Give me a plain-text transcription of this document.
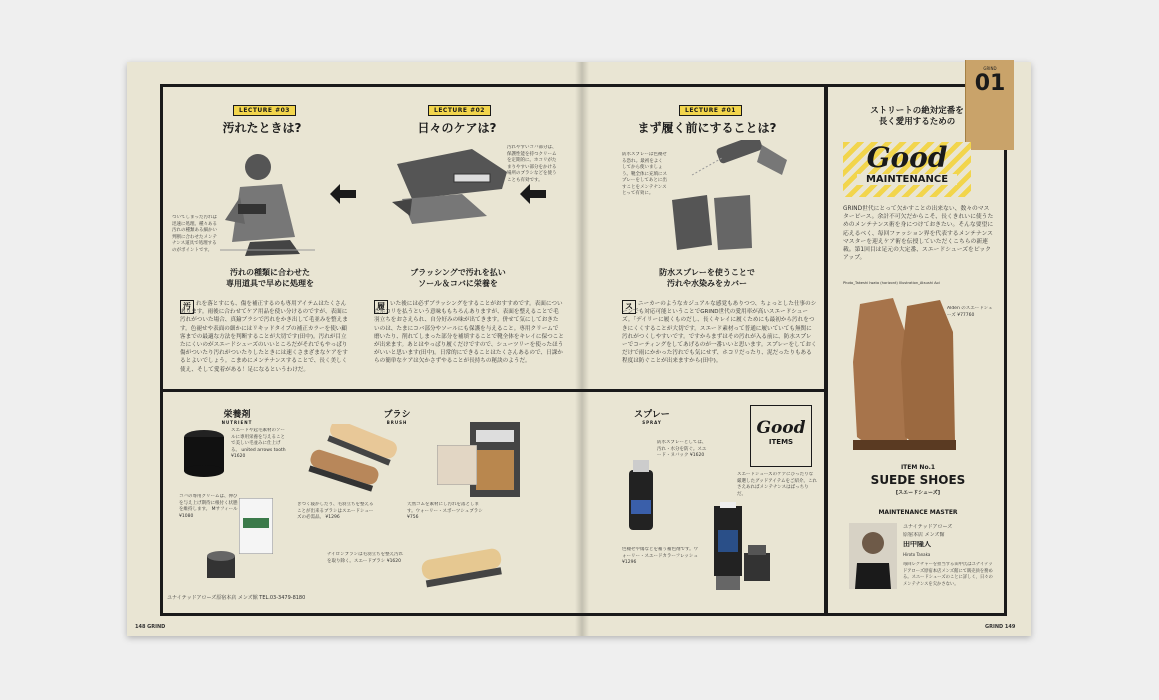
LECTURE #03
汚れたときは?
ついてしまった汚れは迅速に処理。種々ある汚れの種類ある細かい判断に合わせたメンテナンス道具で処理するのがポイントです。
汚れの種類に合わせた
専用道具で早めに処理を
汚 れを落とすにも、傷を補正するのも専用アイテムはたくさんあります。雨後に合わせてケア用品を使い分けるのですが、表面に汚れがついた場合、真鍮ブラシで汚れをかき出して毛並みを整えます。色褪せや表面の細かにはリキッドタイプの補正カラーを使い顧客までの最適な方法を判断することが大切です(田中)。汚れが目立たにくいのがスエードシューズのいいところだがそれでもやっぱり傷がついたり汚れがついたりしたときには速くさまざまなケアをするとよいでしょう。こまめにメンテナンスすることで、長く美しく使え、そして愛着がある！足になるというわけだ。
LECTURE #02
日々のケアは?
汚れやすいコバ部分は、保護性能を持つクリームを定期的に。ホコリがたまりやすい部分をかける場所のブラシなどを使うことも有効です。
ブラッシングで汚れを払い
ソール＆コバに栄養を
履 いた後には必ずブラッシングをすることがおすすめです。表面についたホコリを払うという意味ももちろんありますが、表面を整えることで毛羽立ちをおさえられ、自分好みの味が出てきます。併せて気にしておきたいのは、たまにコバ部分やソールにも保護を与えること。専用クリームで磨いたり、削れてしまった部分を補填することで靴全体をキレイに保つことが出来ます。あとはやっぱり履くだけですので、シューツリーを使ったほうがいいと思います(田中)。日常的にできることはたくさんあるので、日課からの簡単なケアは欠かさずやることが長持ちの秘訣のようだ。
LECTURE #01
まず履く前にすることは?
防水スプレーは色褪せる恐れ。最初をよくしてから使いましょう。靴全体に充填にスプレーをしてあとに出すことをメンテナンスとって有効に。
防水スプレーを使うことで
汚れや水染みをカバー
ス ニーカーのようなカジュアルな感覚もありつつ、ちょっとした仕事のシーンでも対応可能ということでGRIND世代の愛用率が高いスエードシューズ。「デイリーに履くものだし、長くキレイに履くためにも最初から汚れをつきにくくすることが大切です。スエード素材って普通に履いていても無関に汚れがつくしやすいです。ですからまずはその汚れが入る前に、防水スプレーでコーティングをしてあげるのが一番いいと思います。スプレーをしておくだけで雨にかかった汚れでも気にせず、ホコリだったり、泥だったりもある程度は防ぐことが出来ますから(田中)。
栄養剤
NUTRIENT
スエードや起毛素材のソールに専用栄養を与えることで美しい毛並みに仕上げる。 united arrows tooth ¥1620
コバの専用クリームは、伸びを与え上げ期待に根付く状態を維持します。 Mサフィール ¥1080
ブラシ
BRUSH
きつく寝かしたり、毛羽立ちを整えることが出来るブラシはスエードシューズの必需品。 ¥1296
天然ゴムを素材にし汚れを落とします。ウォーリー・スポーツシュブラシ¥756
ナイロンブラシは毛羽立ちを整え汚れを取り除く。スエードブラシ ¥1620
ユナイテッドアローズ原宿本店 メンズ館 TEL.03-3479-8180
スプレー
SPRAY
防水スプレーとしては、汚れ・水分を防ぐ。スエード・ヌバック ¥1620
色褪せや傷などを補う補色剤です。ウォーリー・スエードカラーフレッシュ ¥1296
Good
ITEMS
スエードシューズのケアにぴったりな厳選したグッドアイテムをご紹介。これさえあればメンテナンスはばっちりだ。
GRIND
01
ストリートの絶対定番を
長く愛用するための
Good
MAINTENANCE
GRIND世代にとって欠かすことの出来ない、数々のマスターピース。余計不可欠だからこそ、長くきれいに使うためのメンテナンス術を身につけておきたい。そんな要望に応えるべく、毎回ファッション界を代表するメンテナンスマスターを迎えケア術を伝授していただくこちらの新連載。第1回目は足元の大定番、スエードシューズをピックアップ。
Photo_Takeshi Iwata (horizont) Illustration_Atsushi Aoi
Alden のスエードシューズ ¥77760
ITEM No.1
SUEDE SHOES
[スエードシューズ]
MAINTENANCE MASTER
ユナイテッドアローズ
原宿本店 メンズ館
田中隆人
Hiroto Tanaka
毎回レクチャーを担当する田中氏はユナイテッドアローズ原宿本店メンズ館にて販売員を務める。スエードシューズのことに詳しく、日々のメンテナンスを欠かさない。
148 GRIND	GRIND 149
